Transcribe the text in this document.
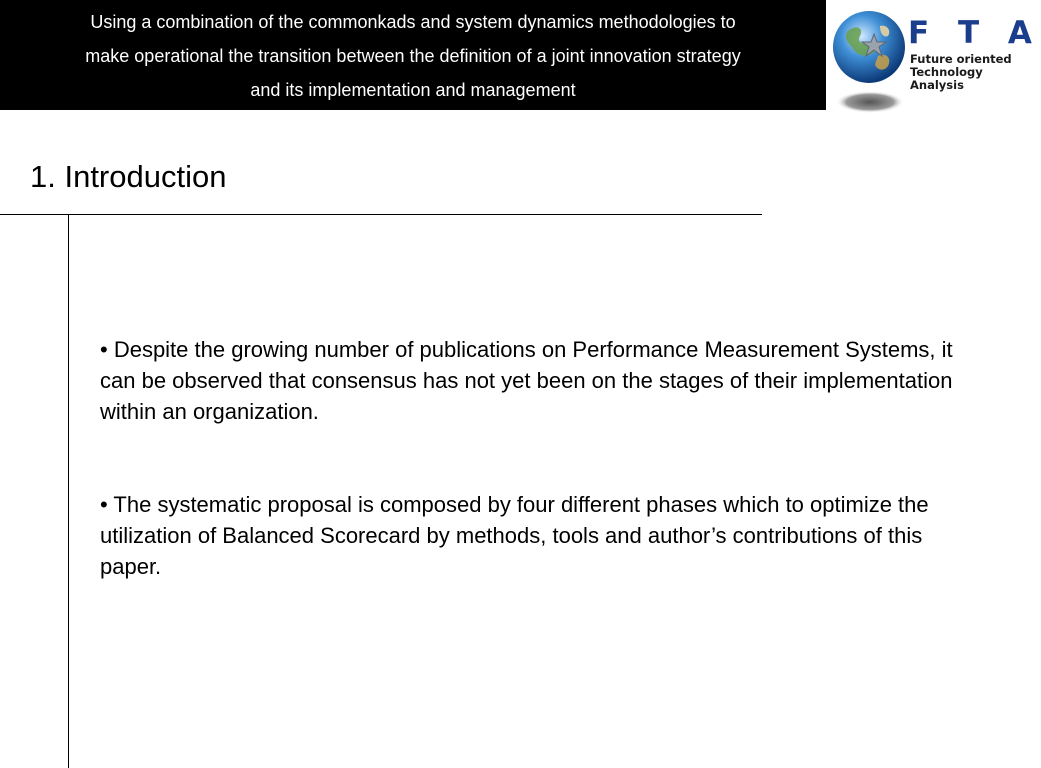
Using a combination of the commonkads and system dynamics methodologies to
make operational the transition between the definition of a joint innovation strategy
and its implementation and management
F T A
Future oriented
Technology
Analysis
1. Introduction

• Despite the growing number of publications on Performance Measurement Systems, it can be observed that consensus has not yet been on the stages of their implementation within an organization.

• The systematic proposal is composed by four different phases which to optimize the utilization of Balanced Scorecard by methods, tools and author’s contributions of this paper.
